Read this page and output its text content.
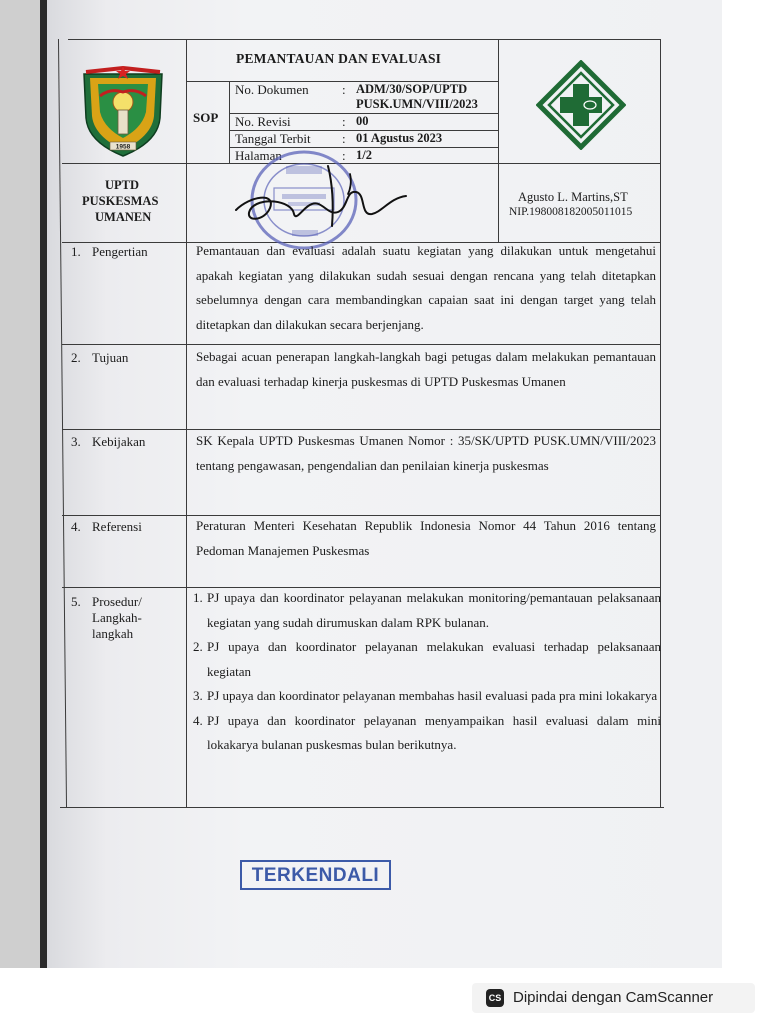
1958
PEMANTAUAN DAN EVALUASI
SOP
No. Dokumen	: ADM/30/SOP/UPTD
PUSK.UMN/VIII/2023
No. Revisi	: 00
Tanggal Terbit : 01 Agustus 2023
Halaman	: 1/2
UPTD
PUSKESMAS
UMANEN
Agusto L. Martins,ST
NIP.198008182005011015
1. Pengertian	Pemantauan dan evaluasi adalah suatu kegiatan yang dilakukan untuk mengetahui apakah kegiatan yang dilakukan sudah sesuai dengan rencana yang telah ditetapkan sebelumnya dengan cara membandingkan capaian saat ini dengan target yang telah ditetapkan dan dilakukan secara berjenjang.
2. Tujuan	Sebagai acuan penerapan langkah-langkah bagi petugas dalam melakukan pemantauan dan evaluasi terhadap kinerja puskesmas di UPTD Puskesmas Umanen
3. Kebijakan	SK Kepala UPTD Puskesmas Umanen Nomor : 35/SK/UPTD PUSK.UMN/VIII/2023 tentang pengawasan, pengendalian dan penilaian kinerja puskesmas
4. Referensi	Peraturan Menteri Kesehatan Republik Indonesia Nomor 44 Tahun 2016 tentang Pedoman Manajemen Puskesmas
5. Prosedur/
Langkah-
langkah
1. PJ upaya dan koordinator pelayanan melakukan monitoring/pemantauan pelaksanaan kegiatan yang sudah dirumuskan dalam RPK bulanan.
2. PJ upaya dan koordinator pelayanan melakukan evaluasi terhadap pelaksanaan kegiatan
3. PJ upaya dan koordinator pelayanan membahas hasil evaluasi pada pra mini lokakarya
4. PJ upaya dan koordinator pelayanan menyampaikan hasil evaluasi dalam mini lokakarya bulanan puskesmas bulan berikutnya.
TERKENDALI
CS Dipindai dengan CamScanner
